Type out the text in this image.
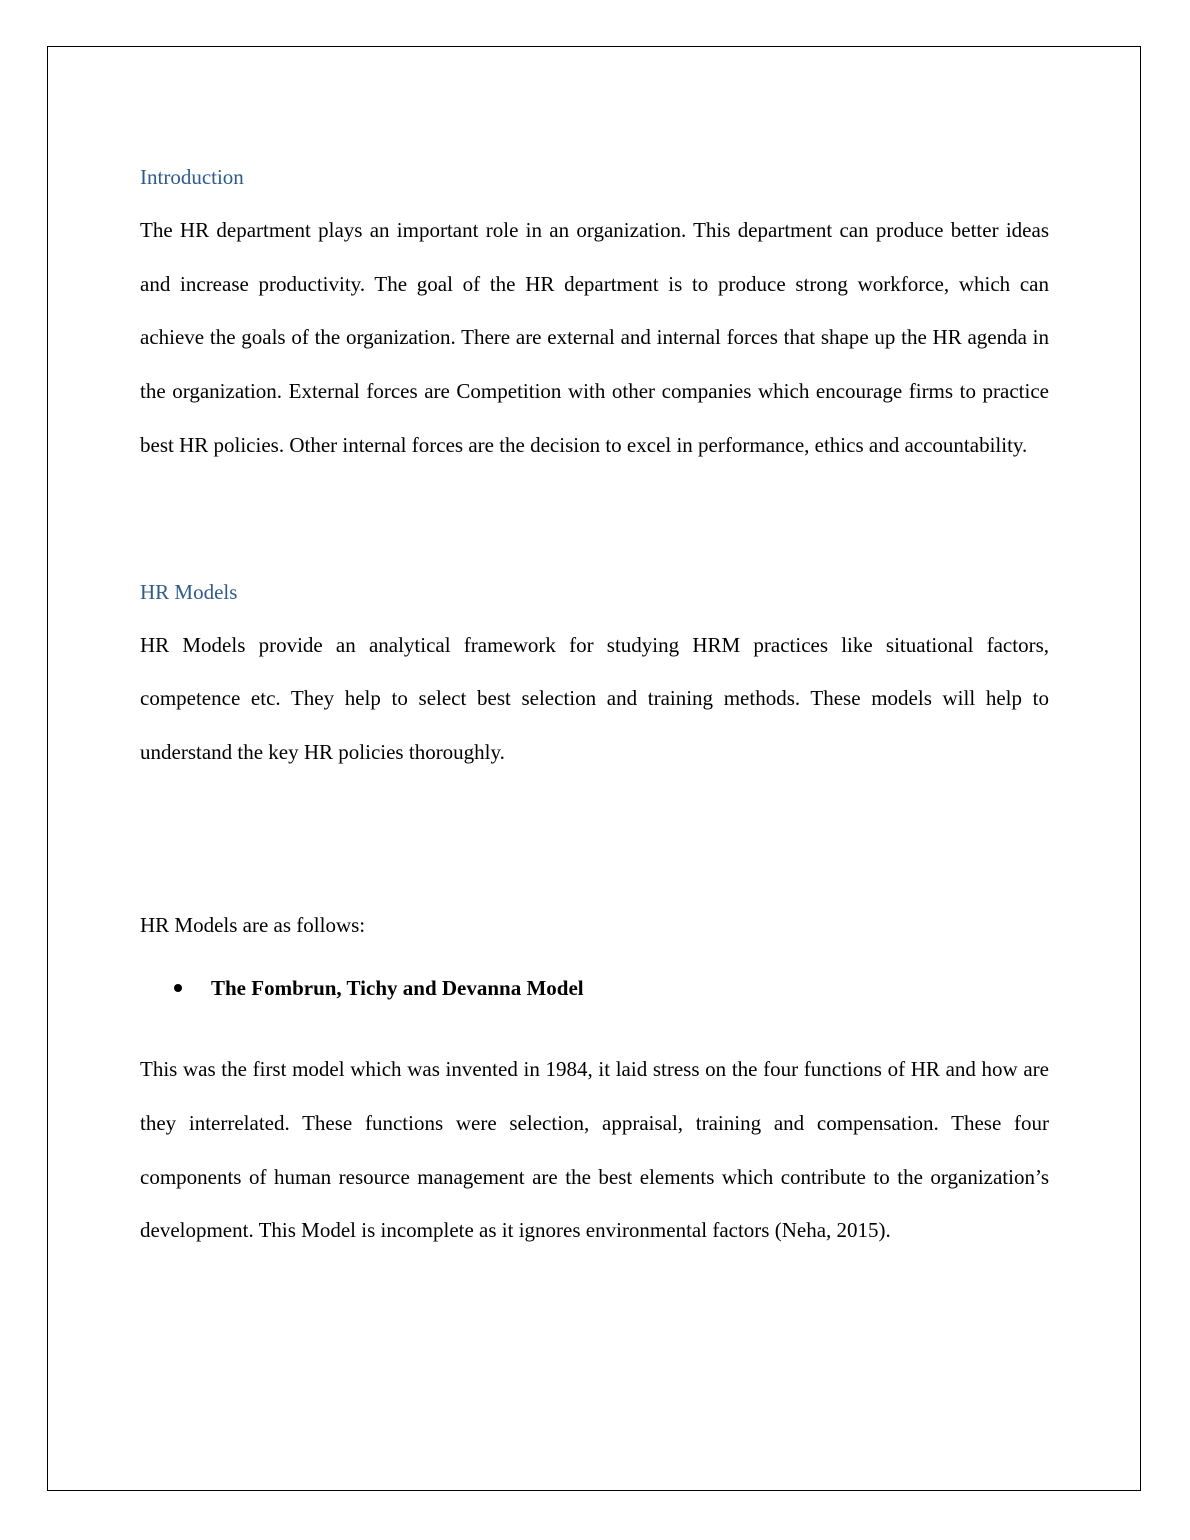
Introduction

The HR department plays an important role in an organization. This department can produce better ideas and increase productivity. The goal of the HR department is to produce strong workforce, which can achieve the goals of the organization. There are external and internal forces that shape up the HR agenda in the organization. External forces are Competition with other companies which encourage firms to practice best HR policies. Other internal forces are the decision to excel in performance, ethics and accountability.

HR Models

HR Models provide an analytical framework for studying HRM practices like situational factors, competence etc. They help to select best selection and training methods. These models will help to understand the key HR policies thoroughly.

HR Models are as follows:

The Fombrun, Tichy and Devanna Model

This was the first model which was invented in 1984, it laid stress on the four functions of HR and how are they interrelated. These functions were selection, appraisal, training and compensation. These four components of human resource management are the best elements which contribute to the organization’s development. This Model is incomplete as it ignores environmental factors (Neha, 2015).
